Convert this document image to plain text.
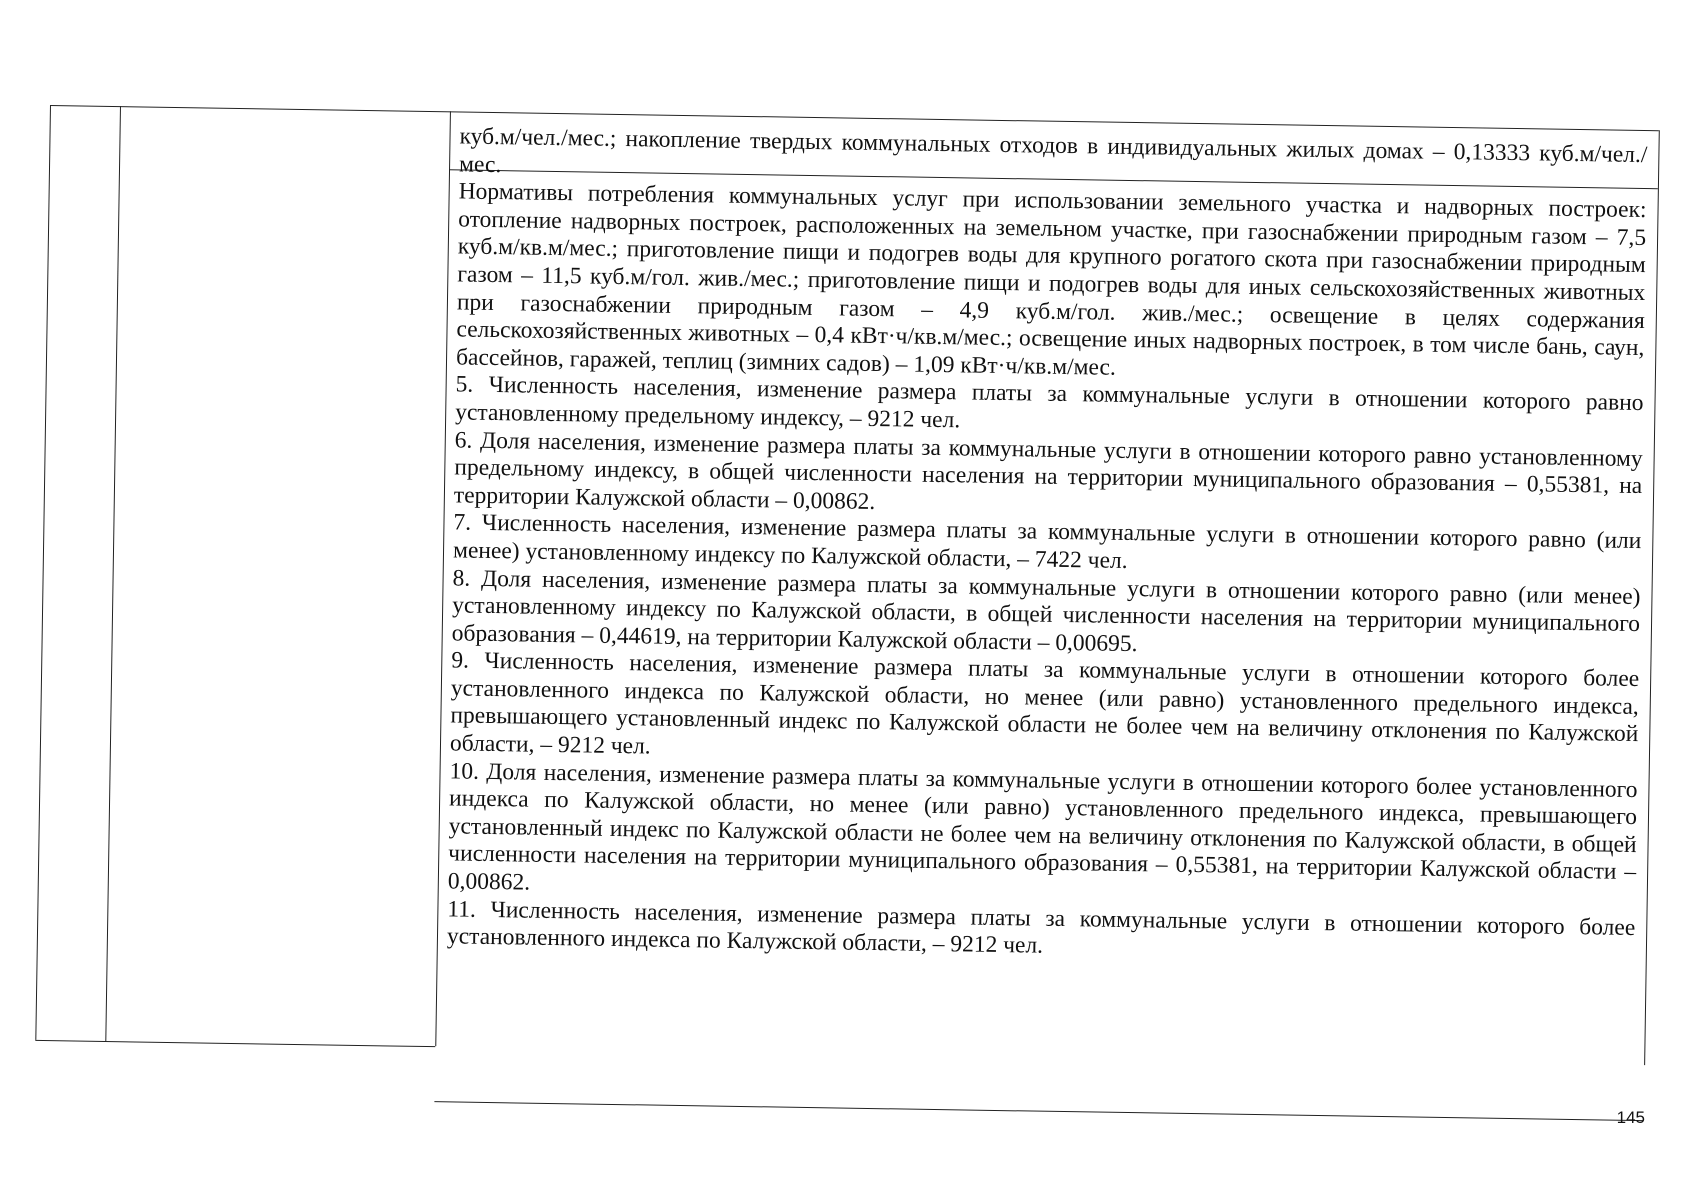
куб.м/чел./мес.; накопление твердых коммунальных отходов в индивидуальных жилых домах – 0,13333 куб.м/чел./мес.

Нормативы потребления коммунальных услуг при использовании земельного участка и надворных построек: отопление надворных построек, расположенных на земельном участке, при газоснабжении природным газом – 7,5 куб.м/кв.м/мес.; приготовление пищи и подогрев воды для крупного рогатого скота при газоснабжении природным газом – 11,5 куб.м/гол. жив./мес.; приготовление пищи и подогрев воды для иных сельскохозяйственных животных при газоснабжении природным газом – 4,9 куб.м/гол. жив./мес.; освещение в целях содержания сельскохозяйственных животных – 0,4 кВт·ч/кв.м/мес.; освещение иных надворных построек, в том числе бань, саун, бассейнов, гаражей, теплиц (зимних садов) – 1,09 кВт·ч/кв.м/мес.

5. Численность населения, изменение размера платы за коммунальные услуги в отношении которого равно установленному предельному индексу, – 9212 чел.

6. Доля населения, изменение размера платы за коммунальные услуги в отношении которого равно установленному предельному индексу, в общей численности населения на территории муниципального образования – 0,55381, на территории Калужской области – 0,00862.

7. Численность населения, изменение размера платы за коммунальные услуги в отношении которого равно (или менее) установленному индексу по Калужской области, – 7422 чел.

8. Доля населения, изменение размера платы за коммунальные услуги в отношении которого равно (или менее) установленному индексу по Калужской области, в общей численности населения на территории муниципального образования – 0,44619, на территории Калужской области – 0,00695.

9. Численность населения, изменение размера платы за коммунальные услуги в отношении которого более установленного индекса по Калужской области, но менее (или равно) установленного предельного индекса, превышающего установленный индекс по Калужской области не более чем на величину отклонения по Калужской области, – 9212 чел.

10. Доля населения, изменение размера платы за коммунальные услуги в отношении которого более установленного индекса по Калужской области, но менее (или равно) установленного предельного индекса, превышающего установленный индекс по Калужской области не более чем на величину отклонения по Калужской области, в общей численности населения на территории муниципального образования – 0,55381, на территории Калужской области – 0,00862.

11. Численность населения, изменение размера платы за коммунальные услуги в отношении которого более установленного индекса по Калужской области, – 9212 чел.

145
